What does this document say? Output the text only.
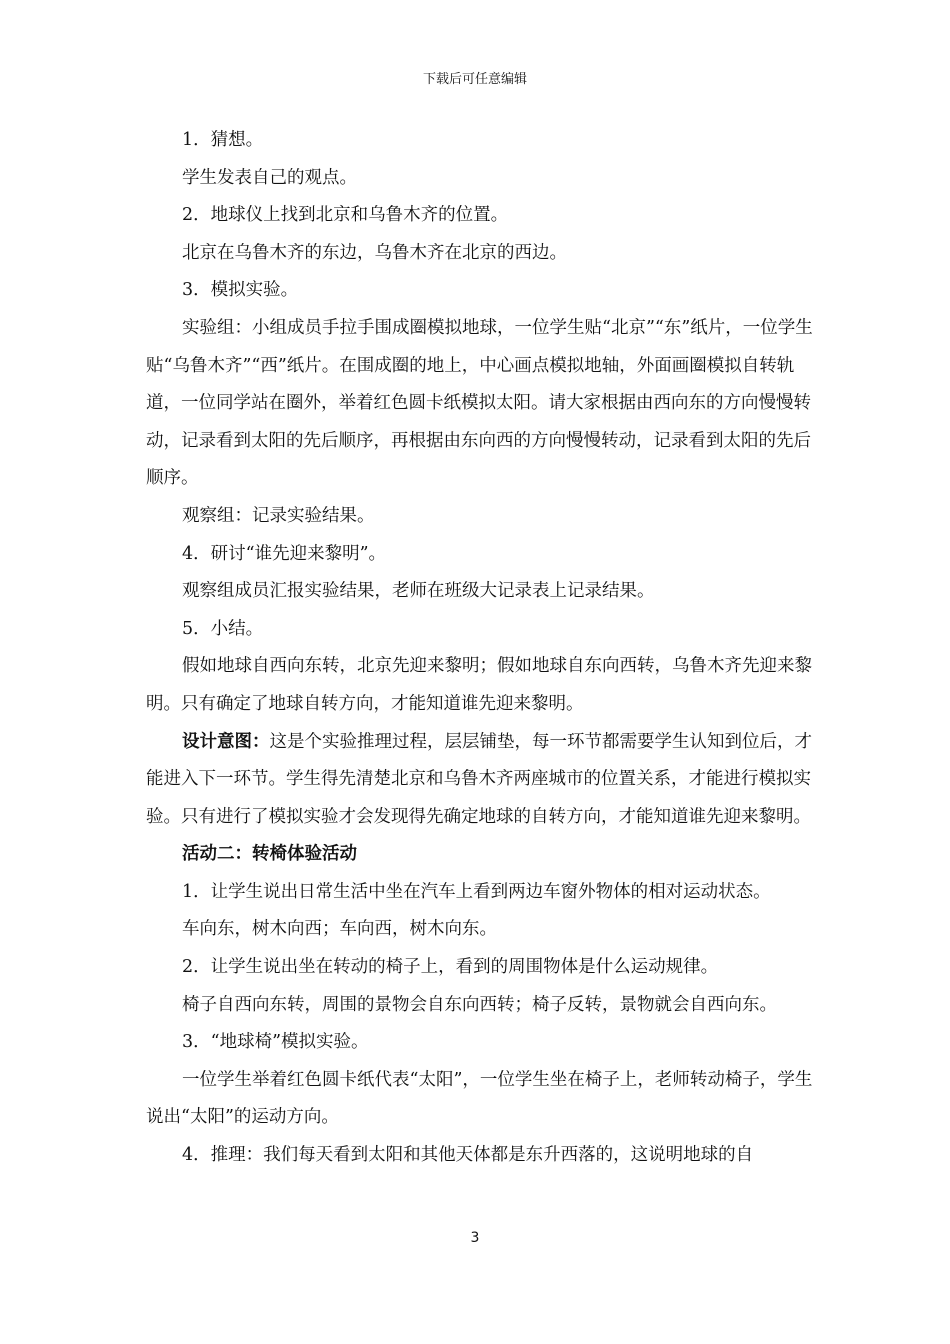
下载后可任意编辑

1．猜想。

学生发表自己的观点。

2．地球仪上找到北京和乌鲁木齐的位置。

北京在乌鲁木齐的东边，乌鲁木齐在北京的西边。

3．模拟实验。

实验组：小组成员手拉手围成圈模拟地球，一位学生贴“北京”“东”纸片，一位学生贴“乌鲁木齐”“西”纸片。在围成圈的地上，中心画点模拟地轴，外面画圈模拟自转轨道，一位同学站在圈外，举着红色圆卡纸模拟太阳。请大家根据由西向东的方向慢慢转动，记录看到太阳的先后顺序，再根据由东向西的方向慢慢转动，记录看到太阳的先后顺序。

观察组：记录实验结果。

4．研讨“谁先迎来黎明”。

观察组成员汇报实验结果，老师在班级大记录表上记录结果。

5．小结。

假如地球自西向东转，北京先迎来黎明；假如地球自东向西转，乌鲁木齐先迎来黎明。只有确定了地球自转方向，才能知道谁先迎来黎明。

设计意图：这是个实验推理过程，层层铺垫，每一环节都需要学生认知到位后，才能进入下一环节。学生得先清楚北京和乌鲁木齐两座城市的位置关系，才能进行模拟实验。只有进行了模拟实验才会发现得先确定地球的自转方向，才能知道谁先迎来黎明。

活动二：转椅体验活动

1．让学生说出日常生活中坐在汽车上看到两边车窗外物体的相对运动状态。

车向东，树木向西；车向西，树木向东。

2．让学生说出坐在转动的椅子上，看到的周围物体是什么运动规律。

椅子自西向东转，周围的景物会自东向西转；椅子反转，景物就会自西向东。

3．“地球椅”模拟实验。

一位学生举着红色圆卡纸代表“太阳”，一位学生坐在椅子上，老师转动椅子，学生说出“太阳”的运动方向。

4．推理：我们每天看到太阳和其他天体都是东升西落的，这说明地球的自

3
